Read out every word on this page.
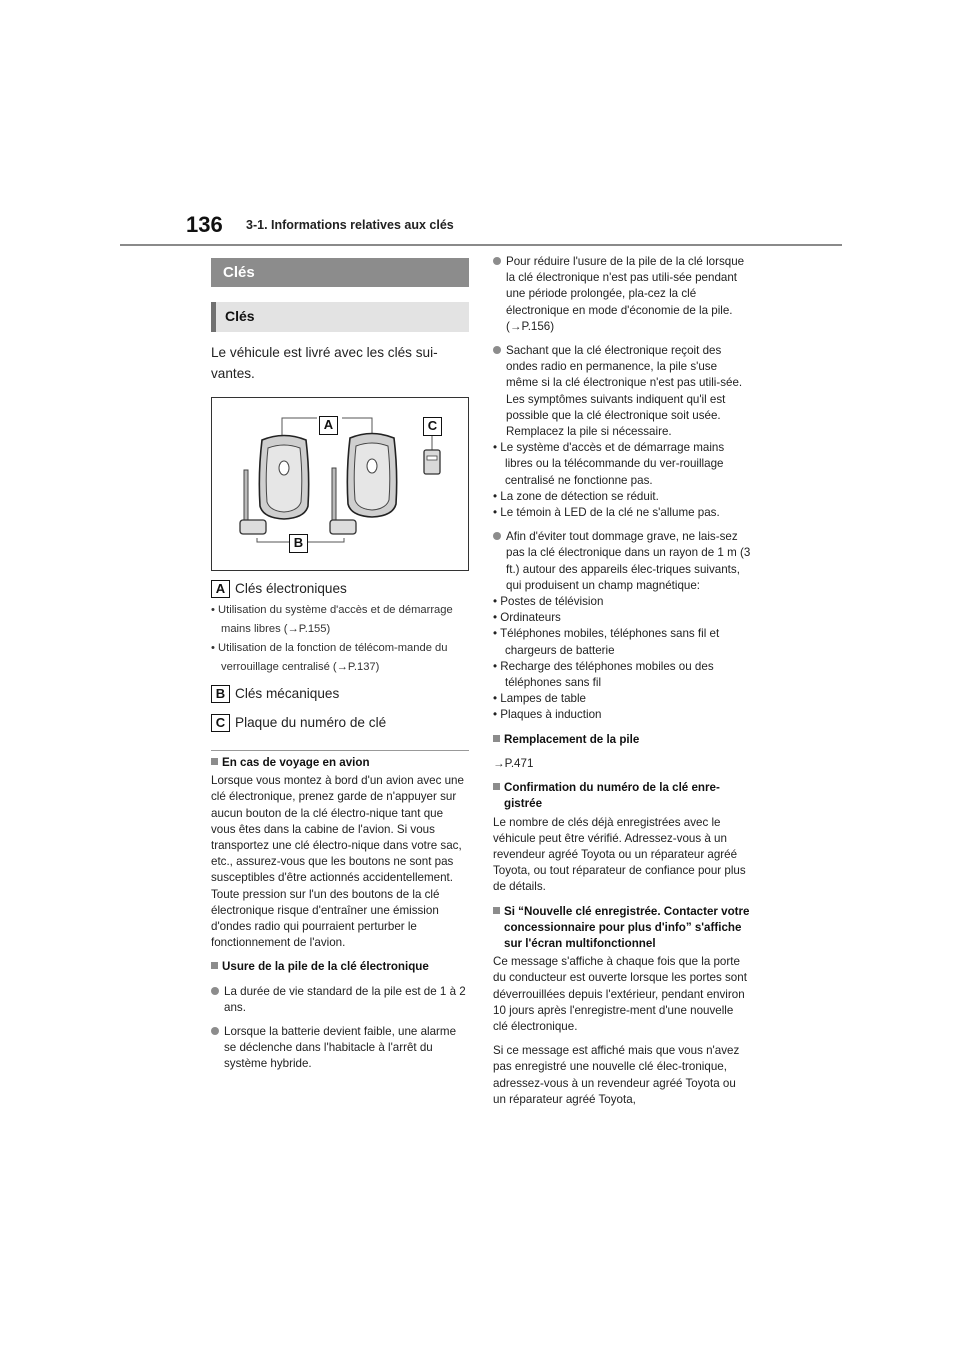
136 3-1. Informations relatives aux clés
Clés
Clés
Le véhicule est livré avec les clés sui-vantes.
A	C
B
A Clés électroniques
• Utilisation du système d'accès et de démarrage mains libres (→P.155)
• Utilisation de la fonction de télécom-mande du verrouillage centralisé (→P.137)
B Clés mécaniques
C Plaque du numéro de clé
En cas de voyage en avion
Lorsque vous montez à bord d'un avion avec une clé électronique, prenez garde de n'appuyer sur aucun bouton de la clé électro-nique tant que vous êtes dans la cabine de l'avion. Si vous transportez une clé électro-nique dans votre sac, etc., assurez-vous que les boutons ne sont pas susceptibles d'être actionnés accidentellement. Toute pression sur l'un des boutons de la clé électronique risque d'entraîner une émission d'ondes radio qui pourraient perturber le fonctionnement de l'avion.
Usure de la pile de la clé électronique
La durée de vie standard de la pile est de 1 à 2 ans.
Lorsque la batterie devient faible, une alarme se déclenche dans l'habitacle à l'arrêt du système hybride.
Pour réduire l'usure de la pile de la clé lorsque la clé électronique n'est pas utili-sée pendant une période prolongée, pla-cez la clé électronique en mode d'économie de la pile. (→P.156)
Sachant que la clé électronique reçoit des ondes radio en permanence, la pile s'use même si la clé électronique n'est pas utili-sée. Les symptômes suivants indiquent qu'il est possible que la clé électronique soit usée. Remplacez la pile si nécessaire.
• Le système d'accès et de démarrage mains libres ou la télécommande du ver-rouillage centralisé ne fonctionne pas.
• La zone de détection se réduit.
• Le témoin à LED de la clé ne s'allume pas.
Afin d'éviter tout dommage grave, ne lais-sez pas la clé électronique dans un rayon de 1 m (3 ft.) autour des appareils élec-triques suivants, qui produisent un champ magnétique:
• Postes de télévision
• Ordinateurs
• Téléphones mobiles, téléphones sans fil et chargeurs de batterie
• Recharge des téléphones mobiles ou des téléphones sans fil
• Lampes de table
• Plaques à induction
Remplacement de la pile
→P.471
Confirmation du numéro de la clé enre-gistrée
Le nombre de clés déjà enregistrées avec le véhicule peut être vérifié. Adressez-vous à un revendeur agréé Toyota ou un réparateur agréé Toyota, ou tout réparateur de confiance pour plus de détails.
Si “Nouvelle clé enregistrée. Contacter votre concessionnaire pour plus d'info” s'affiche sur l'écran multifonctionnel
Ce message s'affiche à chaque fois que la porte du conducteur est ouverte lorsque les portes sont déverrouillées depuis l'extérieur, pendant environ 10 jours après l'enregistre-ment d'une nouvelle clé électronique.
Si ce message est affiché mais que vous n'avez pas enregistré une nouvelle clé élec-tronique, adressez-vous à un revendeur agréé Toyota ou un réparateur agréé Toyota,
